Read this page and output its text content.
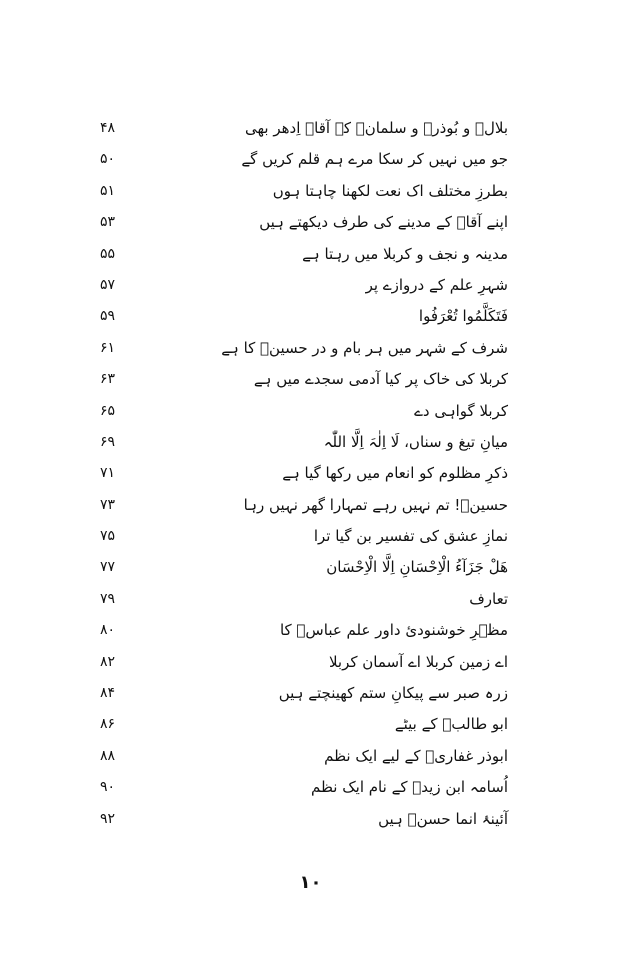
بلالؓ و بُوذرؓ و سلمانؓ کے آقاؐ اِدھر بھی
۴۸
جو میں نہیں کر سکا مرے ہم قلم کریں گے
۵۰
بطرزِ مختلف اک نعت لکھنا چاہتا ہوں
۵۱
اپنے آقاؐ کے مدینے کی طرف دیکھتے ہیں
۵۳
مدینہ و نجف و کربلا میں رہتا ہے
۵۵
شہرِ علم کے دروازے پر
۵۷
فَتَكَلَّمُوا تُعْرَفُوا
۵۹
شرف کے شہر میں ہر بام و در حسینؑ کا ہے
۶۱
کربلا کی خاک پر کیا آدمی سجدے میں ہے
۶۳
کربلا گواہی دے
۶۵
میانِ تیغ و سناں، لَا اِلٰہَ اِلَّا اللّٰہ
۶۹
ذکرِ مظلوم کو انعام میں رکھا گیا ہے
۷۱
حسینؑ! تم نہیں رہے تمہارا گھر نہیں رہا
۷۳
نمازِ عشق کی تفسیر بن گیا ترا
۷۵
هَلْ جَزَآءُ الْاِحْسَانِ اِلَّا الْاِحْسَان
۷۷
تعارف
۷۹
مظہرِ خوشنودیٔ داور علم عباسؑ کا
۸۰
اے زمین کربلا اے آسمان کربلا
۸۲
زرہ صبر سے پیکانِ ستم کھینچتے ہیں
۸۴
ابو طالبؑ کے بیٹے
۸۶
ابوذر غفاریؓ کے لیے ایک نظم
۸۸
اُسامہ ابن زیدؓ کے نام ایک نظم
۹۰
آئینۂ انما حسنؑ ہیں
۹۲
۱۰
